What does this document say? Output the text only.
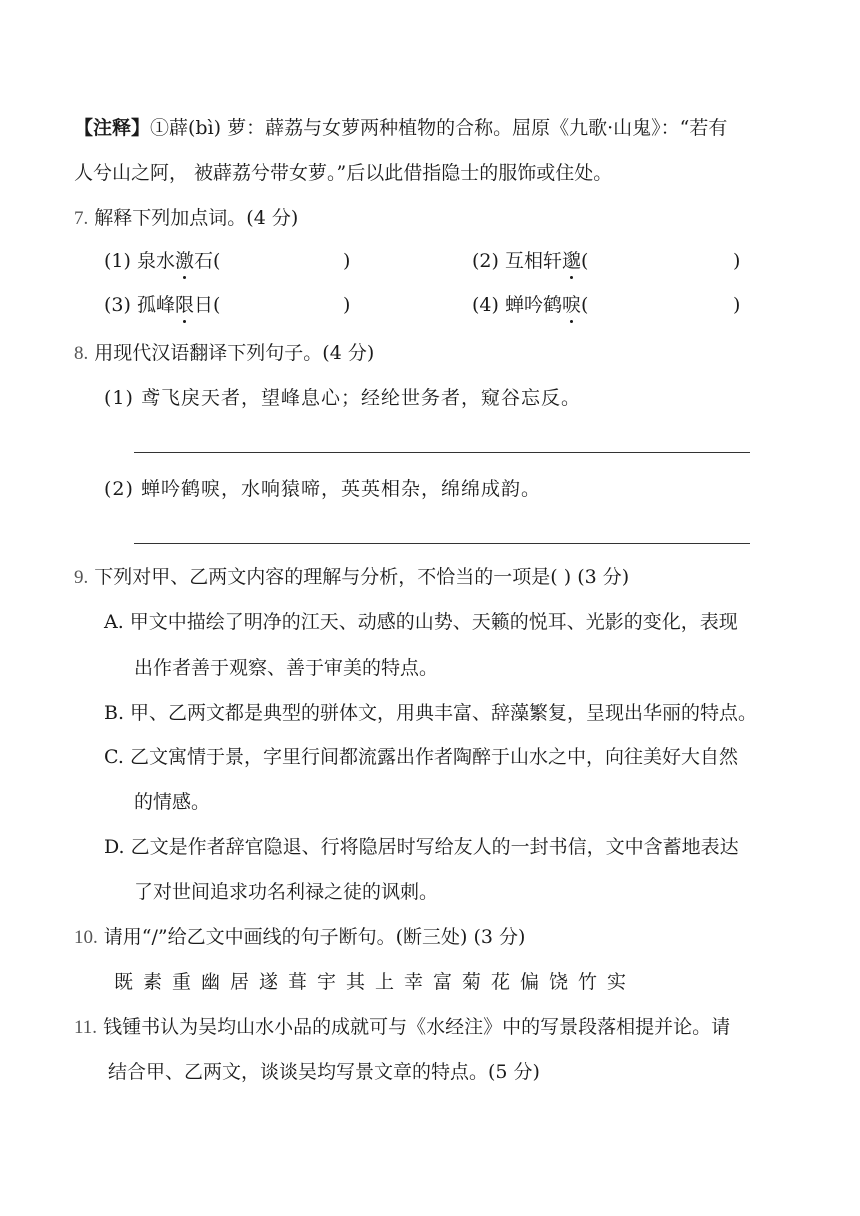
【注释】①薜(bì) 萝：薜荔与女萝两种植物的合称。屈原《九歌·山鬼》：“若有
人兮山之阿， 被薜荔兮带女萝。”后以此借指隐士的服饰或住处。
7. 解释下列加点词。(4 分)
(1) 泉水激石(	)	(2) 互相轩邈(	)
(3) 孤峰限日(	)	(4) 蝉吟鹤唳(	)
8. 用现代汉语翻译下列句子。(4 分)
(1) 鸢飞戾天者，望峰息心；经纶世务者，窥谷忘反。
(2) 蝉吟鹤唳，水响猿啼，英英相杂，绵绵成韵。
9. 下列对甲、乙两文内容的理解与分析，不恰当的一项是( ) (3 分)
A. 甲文中描绘了明净的江天、动感的山势、天籁的悦耳、光影的变化，表现
出作者善于观察、善于审美的特点。
B. 甲、乙两文都是典型的骈体文，用典丰富、辞藻繁复，呈现出华丽的特点。
C. 乙文寓情于景，字里行间都流露出作者陶醉于山水之中，向往美好大自然
的情感。
D. 乙文是作者辞官隐退、行将隐居时写给友人的一封书信，文中含蓄地表达
了对世间追求功名利禄之徒的讽刺。
10. 请用“/”给乙文中画线的句子断句。(断三处) (3 分)
既素重幽居遂葺宇其上幸富菊花偏饶竹实
11. 钱锺书认为吴均山水小品的成就可与《水经注》中的写景段落相提并论。请
结合甲、乙两文，谈谈吴均写景文章的特点。(5 分)
